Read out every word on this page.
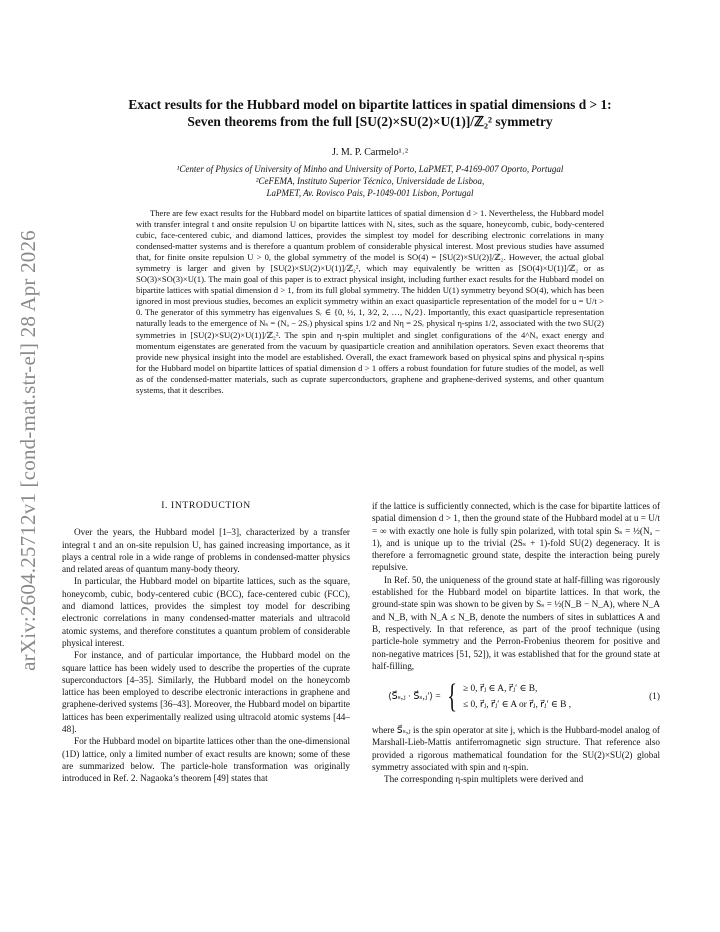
arXiv:2604.25712v1 [cond-mat.str-el] 28 Apr 2026
Exact results for the Hubbard model on bipartite lattices in spatial dimensions d > 1:
Seven theorems from the full [SU(2)×SU(2)×U(1)]/ℤ₂² symmetry
J. M. P. Carmelo¹˒²
¹Center of Physics of University of Minho and University of Porto, LaPMET, P-4169-007 Oporto, Portugal
²CeFEMA, Instituto Superior Técnico, Universidade de Lisboa,
LaPMET, Av. Rovisco Pais, P-1049-001 Lisbon, Portugal

There are few exact results for the Hubbard model on bipartite lattices of spatial dimension d > 1. Nevertheless, the Hubbard model with transfer integral t and onsite repulsion U on bipartite lattices with Nₐ sites, such as the square, honeycomb, cubic, body-centered cubic, face-centered cubic, and diamond lattices, provides the simplest toy model for describing electronic correlations in many condensed-matter systems and is therefore a quantum problem of considerable physical interest. Most previous studies have assumed that, for finite onsite repulsion U > 0, the global symmetry of the model is SO(4) = [SU(2)×SU(2)]/ℤ₂. However, the actual global symmetry is larger and given by [SU(2)×SU(2)×U(1)]/ℤ₂², which may equivalently be written as [SO(4)×U(1)]/ℤ₂ or as SO(3)×SO(3)×U(1). The main goal of this paper is to extract physical insight, including further exact results for the Hubbard model on bipartite lattices with spatial dimension d > 1, from its full global symmetry. The hidden U(1) symmetry beyond SO(4), which has been ignored in most previous studies, becomes an explicit symmetry within an exact quasiparticle representation of the model for u = U/t > 0. The generator of this symmetry has eigenvalues Sᵣ ∈ {0, ½, 1, 3⁄2, 2, …, Nₐ⁄2}. Importantly, this exact quasiparticle representation naturally leads to the emergence of Nₛ = (Nₐ − 2Sᵣ) physical spins 1/2 and Nη = 2Sᵣ physical η-spins 1/2, associated with the two SU(2) symmetries in [SU(2)×SU(2)×U(1)]/ℤ₂². The spin and η-spin multiplet and singlet configurations of the 4^Nₐ exact energy and momentum eigenstates are generated from the vacuum by quasiparticle creation and annihilation operators. Seven exact theorems that provide new physical insight into the model are established. Overall, the exact framework based on physical spins and physical η-spins for the Hubbard model on bipartite lattices of spatial dimension d > 1 offers a robust foundation for future studies of the model, as well as of the condensed-matter materials, such as cuprate superconductors, graphene and graphene-derived systems, and other quantum systems, that it describes.

I. INTRODUCTION

Over the years, the Hubbard model [1–3], characterized by a transfer integral t and an on-site repulsion U, has gained increasing importance, as it plays a central role in a wide range of problems in condensed-matter physics and related areas of quantum many-body theory.

In particular, the Hubbard model on bipartite lattices, such as the square, honeycomb, cubic, body-centered cubic (BCC), face-centered cubic (FCC), and diamond lattices, provides the simplest toy model for describing electronic correlations in many condensed-matter materials and ultracold atomic systems, and therefore constitutes a quantum problem of considerable physical interest.

For instance, and of particular importance, the Hubbard model on the square lattice has been widely used to describe the properties of the cuprate superconductors [4–35]. Similarly, the Hubbard model on the honeycomb lattice has been employed to describe electronic interactions in graphene and graphene-derived systems [36–43]. Moreover, the Hubbard model on bipartite lattices has been experimentally realized using ultracold atomic systems [44–48].

For the Hubbard model on bipartite lattices other than the one-dimensional (1D) lattice, only a limited number of exact results are known; some of these are summarized below. The particle-hole transformation was originally introduced in Ref. 2. Nagaoka’s theorem [49] states that

if the lattice is sufficiently connected, which is the case for bipartite lattices of spatial dimension d > 1, then the ground state of the Hubbard model at u = U/t = ∞ with exactly one hole is fully spin polarized, with total spin Sₛ = ½(Nₐ − 1), and is unique up to the trivial (2Sₛ + 1)-fold SU(2) degeneracy. It is therefore a ferromagnetic ground state, despite the interaction being purely repulsive.

In Ref. 50, the uniqueness of the ground state at half-filling was rigorously established for the Hubbard model on bipartite lattices. In that work, the ground-state spin was shown to be given by Sₛ = ½(N_B − N_A), where N_A and N_B, with N_A ≤ N_B, denote the numbers of sites in sublattices A and B, respectively. In that reference, as part of the proof technique (using particle-hole symmetry and the Perron-Frobenius theorem for positive and non-negative matrices [51, 52]), it was established that for the ground state at half-filling,

⟨S⃗ₛ,ⱼ · S⃗ₛ,ⱼ′⟩ = { ≥ 0, r⃗ⱼ ∈ A, r⃗ⱼ′ ∈ B,
≤ 0, r⃗ⱼ, r⃗ⱼ′ ∈ A or r⃗ⱼ, r⃗ⱼ′ ∈ B ,
(1)

where S⃗ₛ,ⱼ is the spin operator at site j, which is the Hubbard-model analog of Marshall-Lieb-Mattis antiferromagnetic sign structure. That reference also provided a rigorous mathematical foundation for the SU(2)×SU(2) global symmetry associated with spin and η-spin.

The corresponding η-spin multiplets were derived and
